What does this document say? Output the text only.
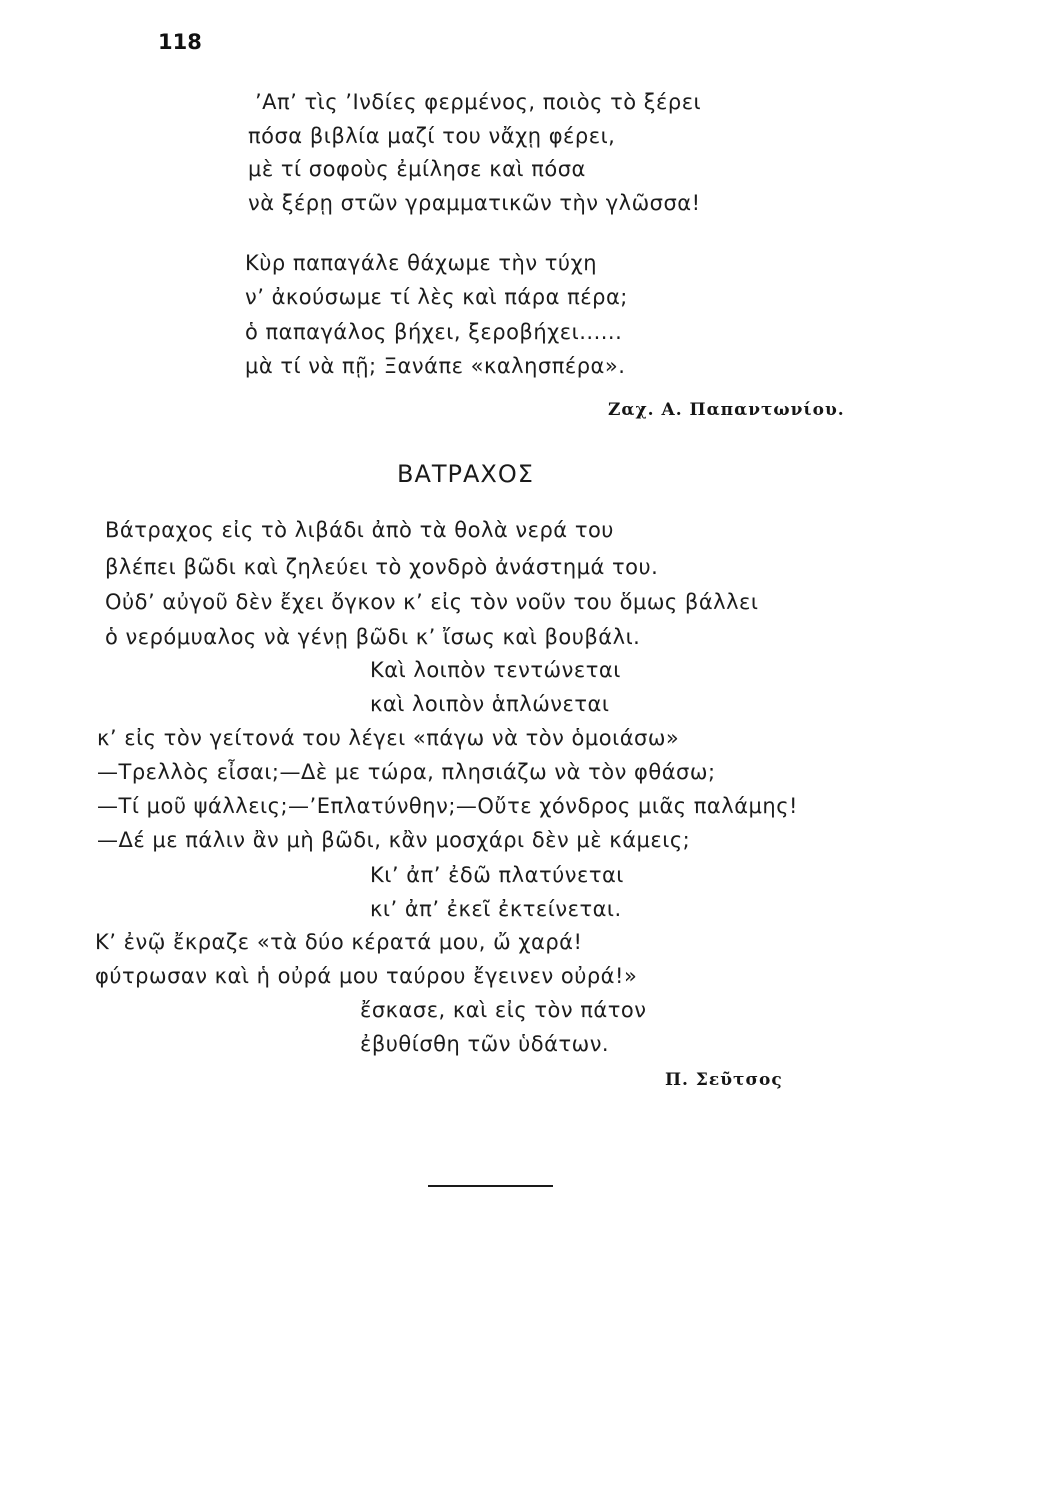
118
’Απ’ τὶς ’Ινδίες φερμένος, ποιὸς τὸ ξέρει
πόσα βιβλία μαζί του νἄχῃ φέρει,
μὲ τί σοφοὺς ἐμίλησε καὶ πόσα
νὰ ξέρῃ στῶν γραμματικῶν τὴν γλῶσσα!
Κὺρ παπαγάλε θάχωμε τὴν τύχη
ν’ ἀκούσωμε τί λὲς καὶ πάρα πέρα;
ὁ παπαγάλος βήχει, ξεροβήχει......
μὰ τί νὰ πῇ; Ξανάπε «καλησπέρα».
Ζαχ. Α. Παπαντωνίου.
ΒΑΤΡΑΧΟΣ
Βάτραχος εἰς τὸ λιβάδι ἀπὸ τὰ θολὰ νερά του
βλέπει βῶδι καὶ ζηλεύει τὸ χονδρὸ ἀνάστημά του.
Οὐδ’ αὐγοῦ δὲν ἔχει ὄγκον κ’ εἰς τὸν νοῦν του ὅμως βάλλει
ὁ νερόμυαλος νὰ γένῃ βῶδι κ’ ἴσως καὶ βουβάλι.
Καὶ λοιπὸν τεντώνεται
καὶ λοιπὸν ἁπλώνεται
κ’ εἰς τὸν γείτονά του λέγει «πάγω νὰ τὸν ὁμοιάσω»
—Τρελλὸς εἶσαι;—Δὲ με τώρα, πλησιάζω νὰ τὸν φθάσω;
—Τί μοῦ ψάλλεις;—’Επλατύνθην;—Οὔτε χόνδρος μιᾶς παλάμης!
—Δέ με πάλιν ἂν μὴ βῶδι, κἂν μοσχάρι δὲν μὲ κάμεις;
Κι’ ἀπ’ ἐδῶ πλατύνεται
κι’ ἀπ’ ἐκεῖ ἐκτείνεται.
Κ’ ἐνῷ ἔκραζε «τὰ δύο κέρατά μου, ὤ χαρά!
φύτρωσαν καὶ ἡ οὐρά μου ταύρου ἔγεινεν οὐρά!»
ἔσκασε, καὶ εἰς τὸν πάτον
ἐβυθίσθη τῶν ὑδάτων.
Π. Σεῦτσος
